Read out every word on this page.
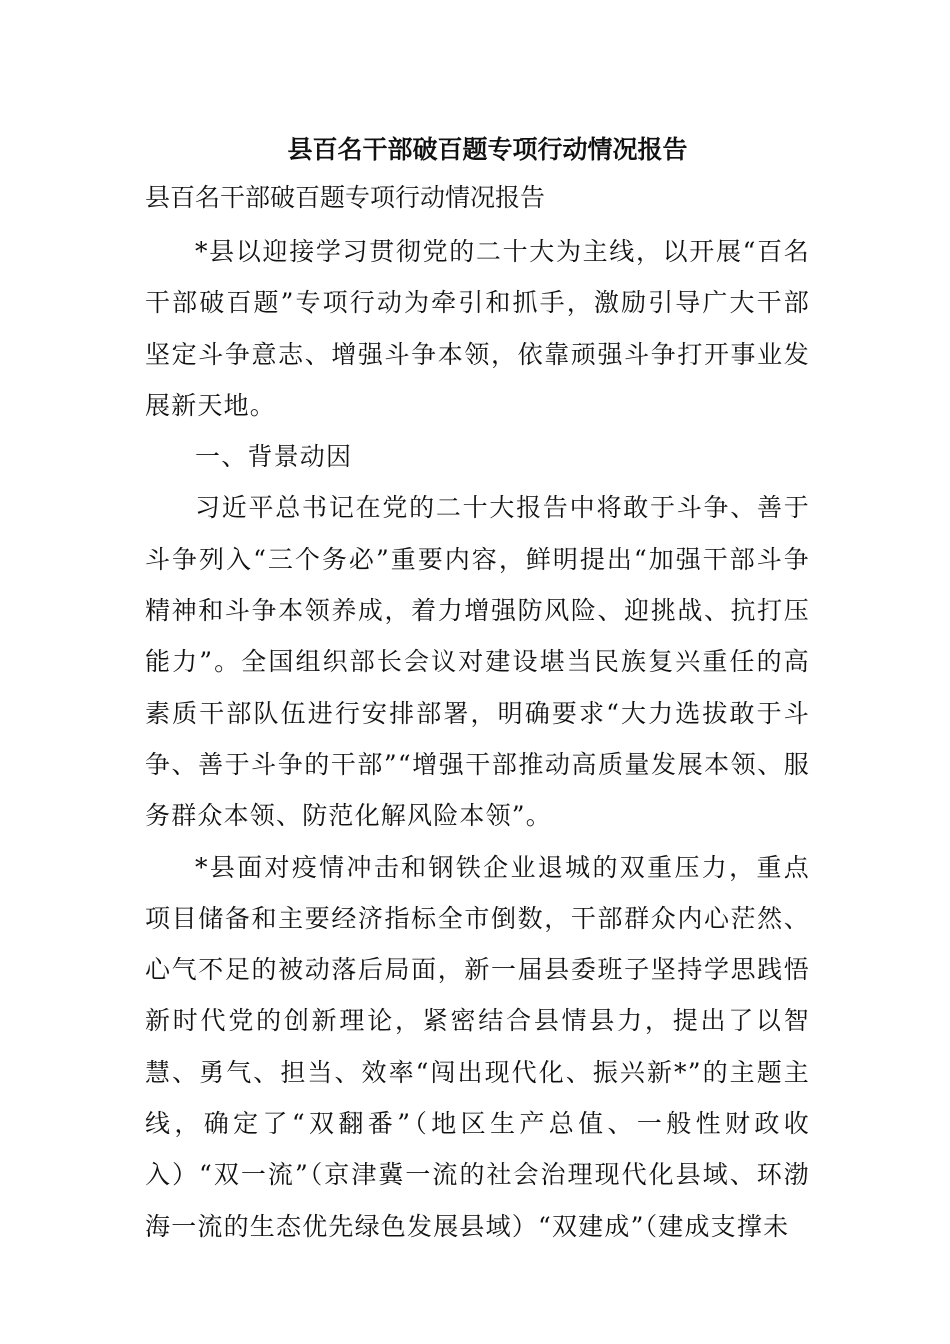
县百名干部破百题专项行动情况报告

县百名干部破百题专项行动情况报告

*县以迎接学习贯彻党的二十大为主线，以开展“百名干部破百题”专项行动为牵引和抓手，激励引导广大干部坚定斗争意志、增强斗争本领，依靠顽强斗争打开事业发展新天地。

一、背景动因

习近平总书记在党的二十大报告中将敢于斗争、善于斗争列入“三个务必”重要内容，鲜明提出“加强干部斗争精神和斗争本领养成，着力增强防风险、迎挑战、抗打压能力”。全国组织部长会议对建设堪当民族复兴重任的高素质干部队伍进行安排部署，明确要求“大力选拔敢于斗争、善于斗争的干部”“增强干部推动高质量发展本领、服务群众本领、防范化解风险本领”。

*县面对疫情冲击和钢铁企业退城的双重压力，重点项目储备和主要经济指标全市倒数，干部群众内心茫然、心气不足的被动落后局面，新一届县委班子坚持学思践悟新时代党的创新理论，紧密结合县情县力，提出了以智慧、勇气、担当、效率“闯出现代化、振兴新*”的主题主线，确定了“双翻番”（地区生产总值、一般性财政收入）“双一流”（京津冀一流的社会治理现代化县域、环渤海一流的生态优先绿色发展县域）“双建成”（建成支撑未
